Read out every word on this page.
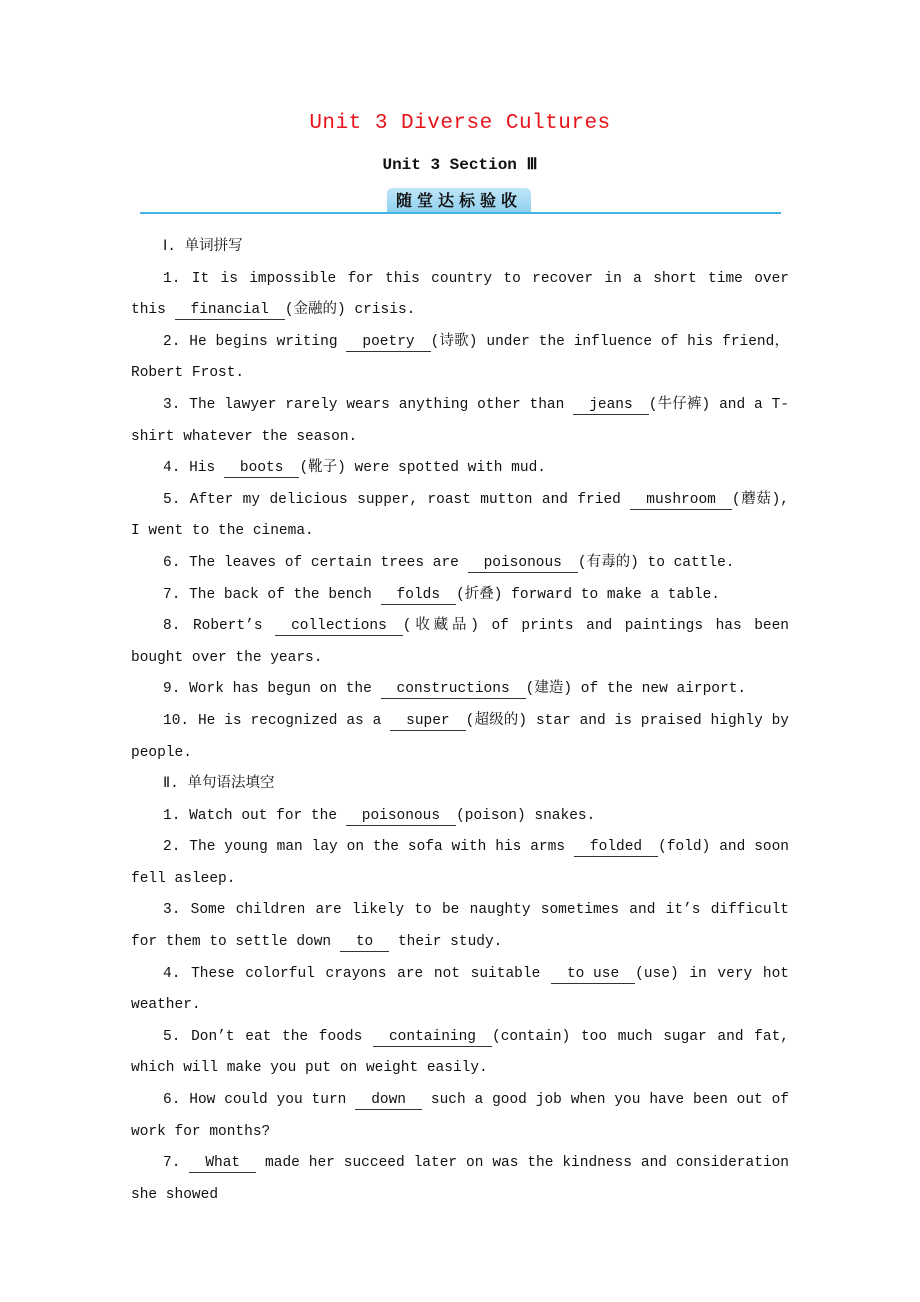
Unit 3 Diverse Cultures
Unit 3 Section Ⅲ
随堂达标验收
Ⅰ. 单词拼写

1. It is impossible for this country to recover in a short time over this financial (金融的) crisis.

2. He begins writing poetry (诗歌) under the influence of his friend，Robert Frost.

3. The lawyer rarely wears anything other than jeans (牛仔裤) and a T-shirt whatever the season.

4. His boots (靴子) were spotted with mud.

5. After my delicious supper, roast mutton and fried mushroom (蘑菇), I went to the cinema.

6. The leaves of certain trees are poisonous (有毒的) to cattle.

7. The back of the bench folds (折叠) forward to make a table.

8. Robert’s collections (收藏品) of prints and paintings has been bought over the years.

9. Work has begun on the constructions (建造) of the new airport.

10. He is recognized as a super (超级的) star and is praised highly by people.

Ⅱ. 单句语法填空

1. Watch out for the poisonous (poison) snakes.

2. The young man lay on the sofa with his arms folded (fold) and soon fell asleep.

3. Some children are likely to be naughty sometimes and it’s difficult for them to settle down to their study.

4. These colorful crayons are not suitable to use (use) in very hot weather.

5. Don’t eat the foods containing (contain) too much sugar and fat, which will make you put on weight easily.

6. How could you turn down such a good job when you have been out of work for months?

7. What made her succeed later on was the kindness and consideration she showed
